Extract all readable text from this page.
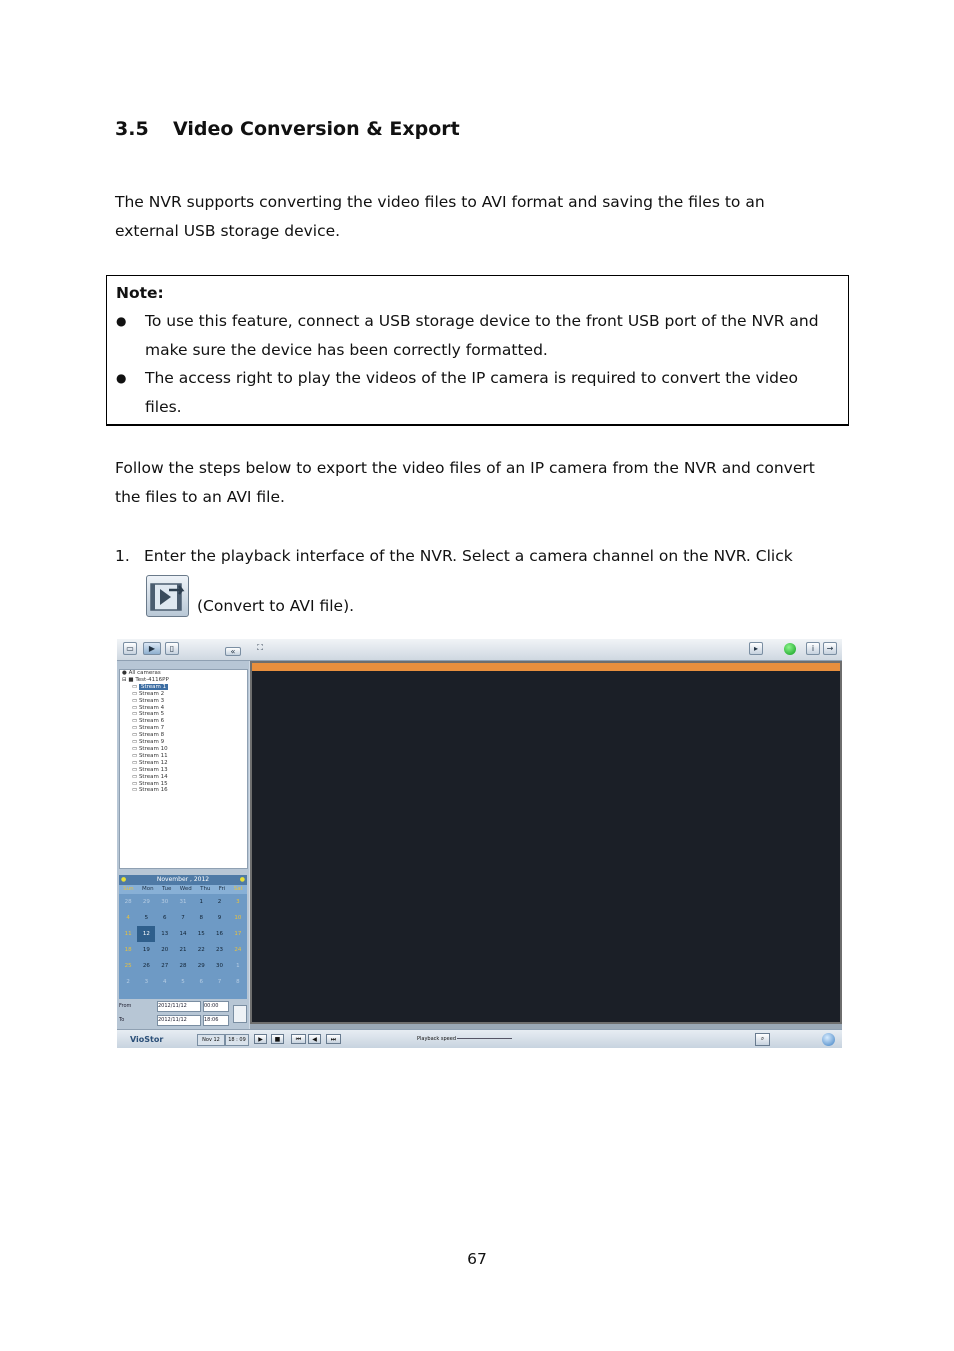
3.5 Video Conversion & Export
The NVR supports converting the video files to AVI format and saving the files to an
external USB storage device.
Note:
● To use this feature, connect a USB storage device to the front USB port of the NVR and
make sure the device has been correctly formatted.
● The access right to play the videos of the IP camera is required to convert the video
files.
Follow the steps below to export the video files of an IP camera from the NVR and convert
the files to an AVI file.
1. Enter the playback interface of the NVR. Select a camera channel on the NVR. Click
(Convert to AVI file).
▭	▶	▯	«	⛶	▸	i	→
● All cameras
⊟ ■ Test-4116PP
▭ Stream 1
▭ Stream 2
▭ Stream 3
▭ Stream 4
▭ Stream 5
▭ Stream 6
▭ Stream 7
▭ Stream 8
▭ Stream 9
▭ Stream 10
▭ Stream 11
▭ Stream 12
▭ Stream 13
▭ Stream 14
▭ Stream 15
▭ Stream 16
●	November , 2012	●
Sun Mon Tue Wed Thu Fri Sat
28	29	30	31	1	2	3
4	5	6	7	8	9	10
11	12	13	14	15	16	17
18	19	20	21	22	23	24
25	26	27	28	29	30	1
2	3	4	5	6	7	8
From	2012/11/12	00:00
To	2012/11/12	18:06
VioStor	Nov 12	18 : 09	▶	■	⏮	◀	⏭	Playback speed	⌕
67
